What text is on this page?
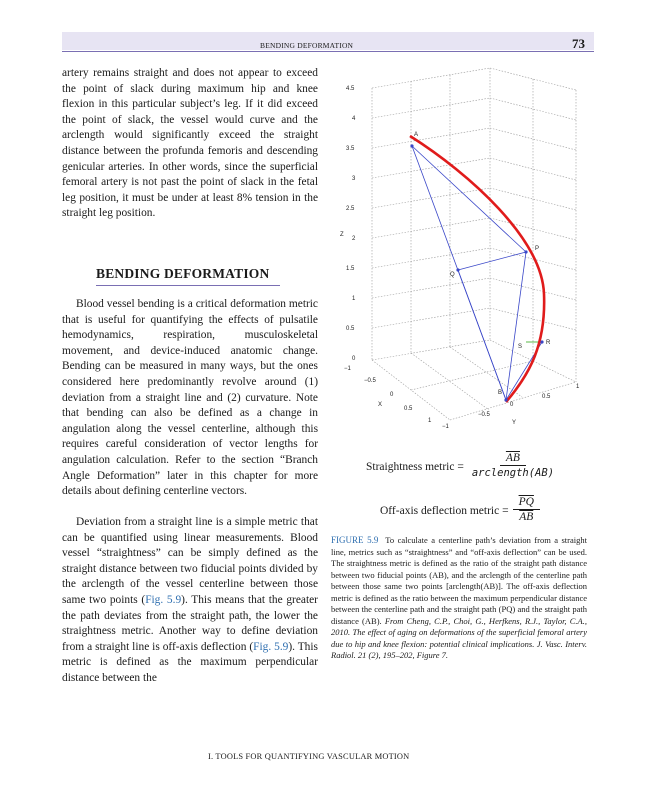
BENDING DEFORMATION	73

artery remains straight and does not appear to exceed the point of slack during maximum hip and knee flexion in this particular subject’s leg. If it did exceed the point of slack, the vessel would curve and the arclength would significantly exceed the straight distance between the profunda femoris and descending genicular arteries. In other words, since the superficial femoral artery is not past the point of slack in the fetal leg position, it must be under at least 8% tension in the straight leg position.

BENDING DEFORMATION

Blood vessel bending is a critical deformation metric that is useful for quantifying the effects of pulsatile hemodynamics, respiration, musculoskeletal movement, and device-induced anatomic change. Bending can be measured in many ways, but the ones considered here predominantly revolve around (1) deviation from a straight line and (2) curvature. Note that bending can also be defined as a change in angulation along the vessel centerline, although this requires careful consideration of vector lengths for angulation calculation. Refer to the section “Branch Angle Deformation” later in this chapter for more details about defining centerline vectors.

Deviation from a straight line is a simple metric that can be quantified using linear measurements. Blood vessel “straightness” can be simply defined as the straight distance between two fiducial points divided by the arclength of the vessel centerline between those same two points (Fig. 5.9). This means that the greater the path deviates from the straight path, the lower the straightness metric. Another way to define deviation from a straight line is off-axis deflection (Fig. 5.9). This metric is defined as the maximum perpendicular distance between the

4.5
4
3.5
3
2.5
2
1.5
1
0.5
0
Z
−1
−0.5
0
0.5
1
X
−1
−0.5
0
0.5
1
Y
A
B
P
Q
R
S
Straightness metric = $\frac{\overline{AB}}{\text{arclength(AB)}}$
Off-axis deflection metric = $\frac{\overline{PQ}}{AB}$

FIGURE 5.9 To calculate a centerline path’s deviation from a straight line, metrics such as “straightness” and “off-axis deflection” can be used. The straightness metric is defined as the ratio of the straight path distance between two fiducial points (AB), and the arclength of the centerline path between those same two points [arclength(AB)]. The off-axis deflection metric is defined as the ratio between the maximum perpendicular distance between the centerline path and the straight path (PQ) and the straight path distance (AB). From Cheng, C.P., Choi, G., Herfkens, R.J., Taylor, C.A., 2010. The effect of aging on deformations of the superficial femoral artery due to hip and knee flexion: potential clinical implications. J. Vasc. Interv. Radiol. 21 (2), 195–202, Figure 7.

I. TOOLS FOR QUANTIFYING VASCULAR MOTION
